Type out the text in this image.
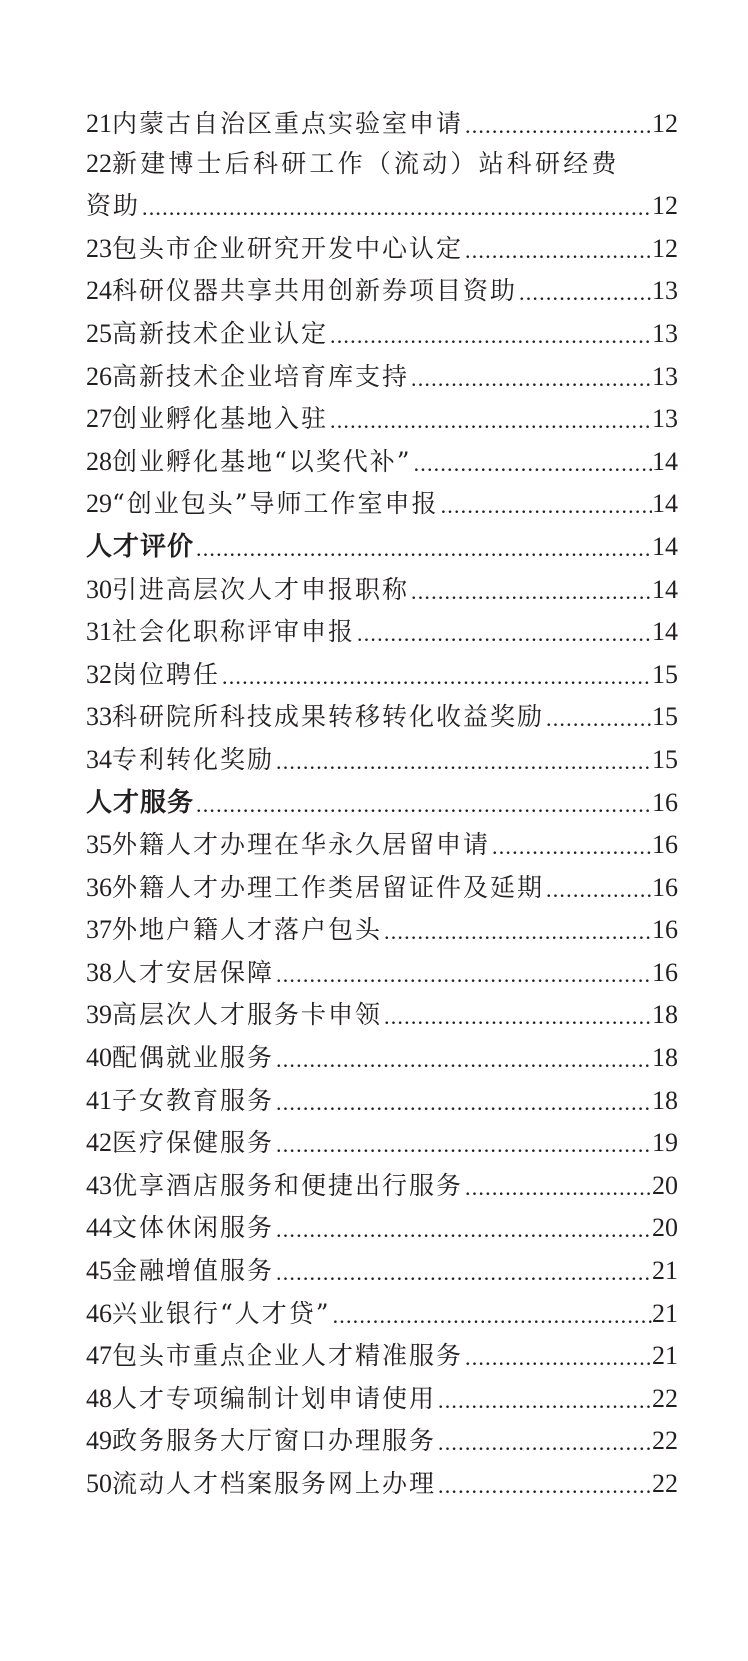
21 内蒙古自治区重点实验室申请 .....	12
22 新建博士后科研工作（流动）站科研经费
资助 .....	12
23 包头市企业研究开发中心认定 .....	12
24 科研仪器共享共用创新券项目资助 .....	13
25 高新技术企业认定 .....	13
26 高新技术企业培育库支持 .....	13
27 创业孵化基地入驻 .....	13
28 创业孵化基地“以奖代补” .....	14
29 “创业包头”导师工作室申报 .....	14
人才评价 .....	14
30 引进高层次人才申报职称 .....	14
31 社会化职称评审申报 .....	14
32 岗位聘任 .....	15
33 科研院所科技成果转移转化收益奖励 .....	15
34 专利转化奖励 .....	15
人才服务 .....	16
35 外籍人才办理在华永久居留申请 .....	16
36 外籍人才办理工作类居留证件及延期 .....	16
37 外地户籍人才落户包头 .....	16
38 人才安居保障 .....	16
39 高层次人才服务卡申领 .....	18
40 配偶就业服务 .....	18
41 子女教育服务 .....	18
42 医疗保健服务 .....	19
43 优享酒店服务和便捷出行服务 .....	20
44 文体休闲服务 .....	20
45 金融增值服务 .....	21
46 兴业银行“人才贷” .....	21
47 包头市重点企业人才精准服务 .....	21
48 人才专项编制计划申请使用 .....	22
49 政务服务大厅窗口办理服务 .....	22
50 流动人才档案服务网上办理 .....	22
